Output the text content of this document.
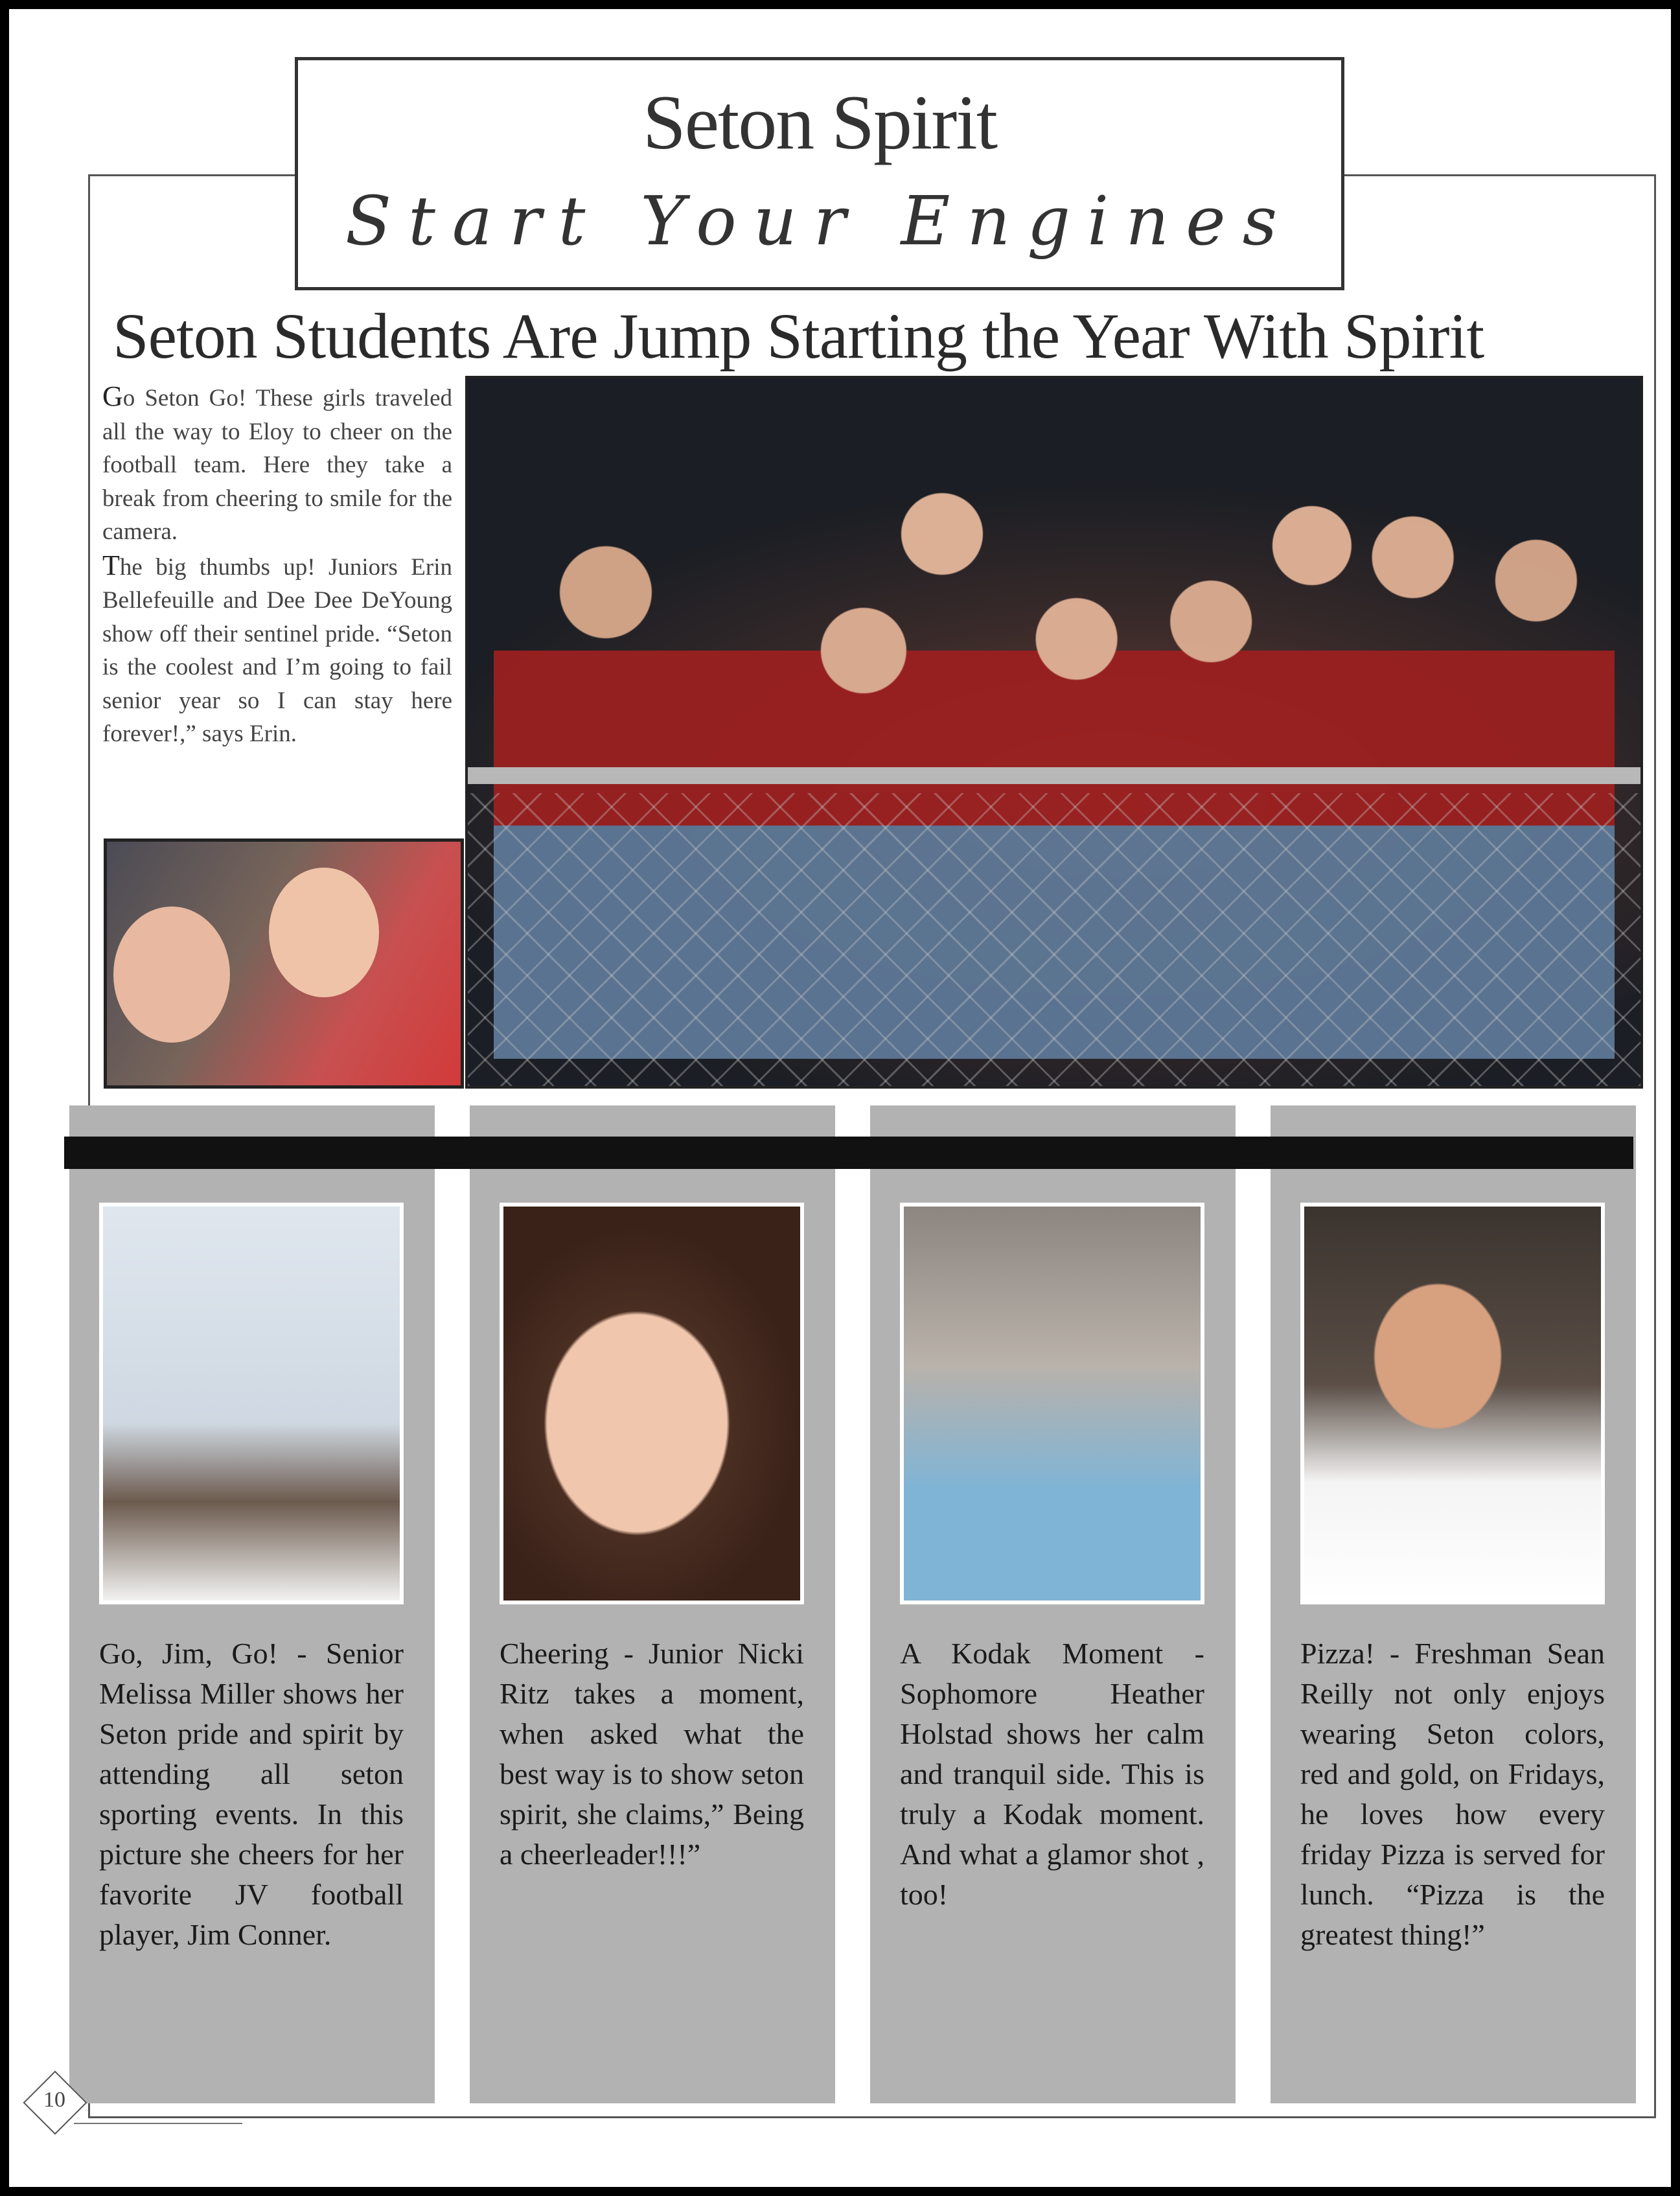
Seton Spirit
Start Your Engines
Seton Students Are Jump Starting the Year With Spirit

Go Seton Go! These girls traveled all the way to Eloy to cheer on the football team. Here they take a break from cheering to smile for the camera.

The big thumbs up! Juniors Erin Bellefeuille and Dee Dee DeYoung show off their sentinel pride. “Seton is the coolest and I’m going to fail senior year so I can stay here forever!,” says Erin.

Go, Jim, Go! - Senior Melissa Miller shows her Seton pride and spirit by attending all seton sporting events. In this picture she cheers for her favorite JV football player, Jim Conner.
Cheering - Junior Nicki Ritz takes a moment, when asked what the best way is to show seton spirit, she claims,” Being a cheerleader!!!”
A Kodak Moment - Sophomore Heather Holstad shows her calm and tranquil side. This is truly a Kodak moment. And what a glamor shot , too!
Pizza! - Freshman Sean Reilly not only enjoys wearing Seton colors, red and gold, on Fridays, he loves how every friday Pizza is served for lunch. “Pizza is the greatest thing!”
10
